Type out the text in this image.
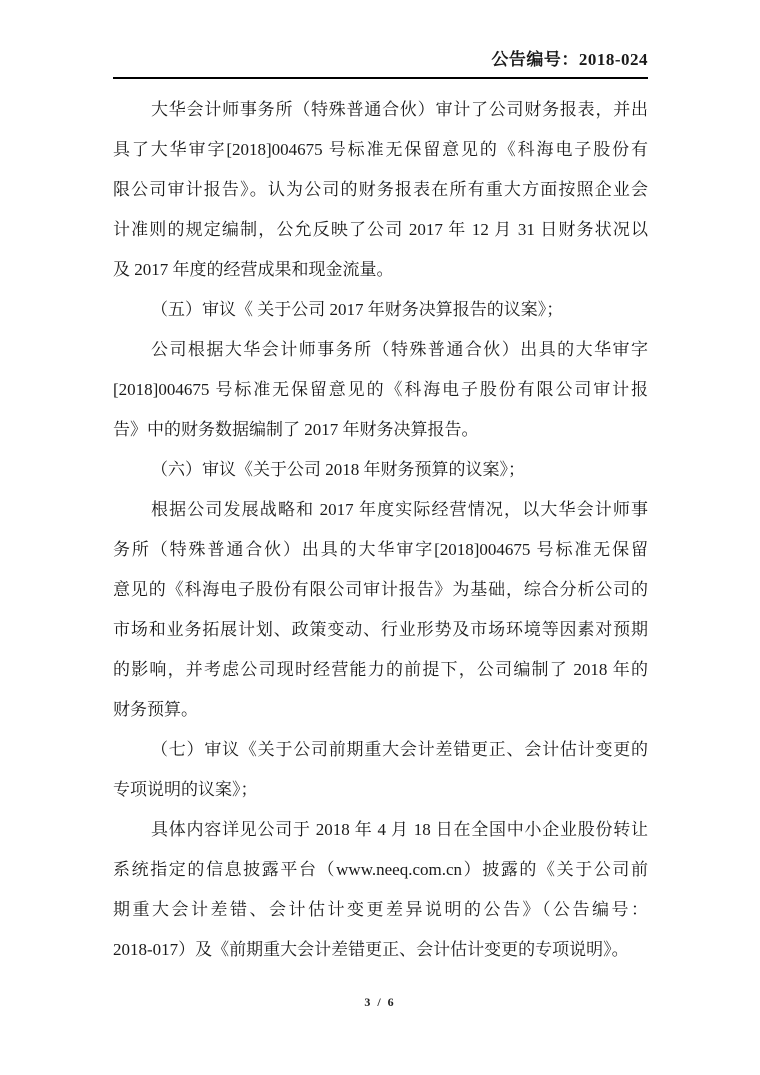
公告编号：2018-024
大华会计师事务所（特殊普通合伙）审计了公司财务报表，并出
具了大华审字[2018]004675 号标准无保留意见的《科海电子股份有
限公司审计报告》。认为公司的财务报表在所有重大方面按照企业会
计准则的规定编制，公允反映了公司 2017 年 12 月 31 日财务状况以
及 2017 年度的经营成果和现金流量。
（五）审议《 关于公司 2017 年财务决算报告的议案》；
公司根据大华会计师事务所（特殊普通合伙）出具的大华审字
[2018]004675 号标准无保留意见的《科海电子股份有限公司审计报
告》中的财务数据编制了 2017 年财务决算报告。
（六）审议《关于公司 2018 年财务预算的议案》；
根据公司发展战略和 2017 年度实际经营情况，以大华会计师事
务所（特殊普通合伙）出具的大华审字[2018]004675 号标准无保留
意见的《科海电子股份有限公司审计报告》为基础，综合分析公司的
市场和业务拓展计划、政策变动、行业形势及市场环境等因素对预期
的影响，并考虑公司现时经营能力的前提下，公司编制了 2018 年的
财务预算。
（七）审议《关于公司前期重大会计差错更正、会计估计变更的
专项说明的议案》；
具体内容详见公司于 2018 年 4 月 18 日在全国中小企业股份转让
系统指定的信息披露平台（www.neeq.com.cn）披露的《关于公司前
期重大会计差错、会计估计变更差异说明的公告》（公告编号：
2018-017）及《前期重大会计差错更正、会计估计变更的专项说明》。
3 / 6
